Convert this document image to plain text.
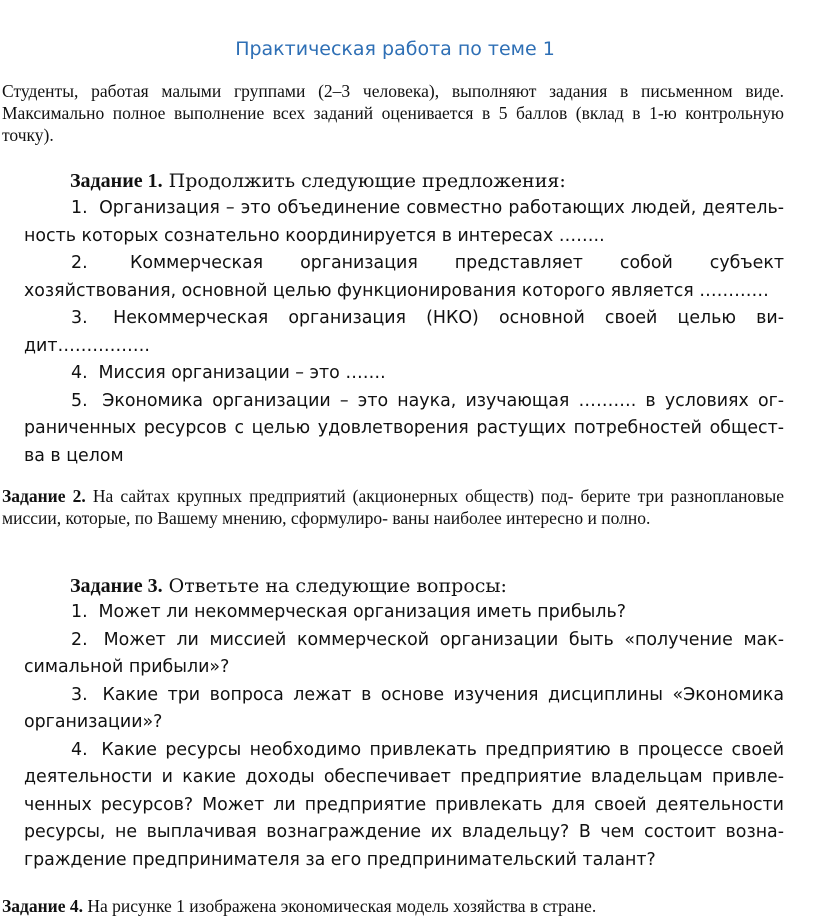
Практическая работа по теме 1

Студенты, работая малыми группами (2–3 человека), выполняют задания в письменном виде. Максимально полное выполнение всех заданий оценивается в 5 баллов (вклад в 1-ю контрольную точку).

Задание 1. Продолжить следующие предложения:

1. Организация – это объединение совместно работающих людей, деятель-ность которых сознательно координируется в интересах ……..
2. Коммерческая организация представляет собой субъект хозяйствования, основной целью функционирования которого является …………
3. Некоммерческая организация (НКО) основной своей целью ви-дит…………….
4. Миссия организации – это …….
5. Экономика организации – это наука, изучающая ………. в условиях ог-раниченных ресурсов с целью удовлетворения растущих потребностей общест-ва в целом

Задание 2. На сайтах крупных предприятий (акционерных обществ) под- берите три разноплановые миссии, которые, по Вашему мнению, сформулиро- ваны наиболее интересно и полно.

Задание 3. Ответьте на следующие вопросы:

1. Может ли некоммерческая организация иметь прибыль?
2. Может ли миссией коммерческой организации быть «получение мак-симальной прибыли»?
3. Какие три вопроса лежат в основе изучения дисциплины «Экономика организации»?
4. Какие ресурсы необходимо привлекать предприятию в процессе своей деятельности и какие доходы обеспечивает предприятие владельцам привле-ченных ресурсов? Может ли предприятие привлекать для своей деятельности ресурсы, не выплачивая вознаграждение их владельцу? В чем состоит возна-граждение предпринимателя за его предпринимательский талант?

Задание 4. На рисунке 1 изображена экономическая модель хозяйства в стране.
